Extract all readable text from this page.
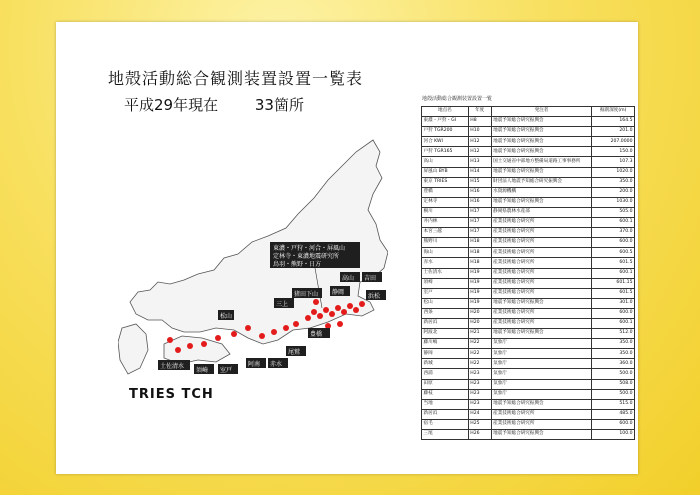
地殻活動総合観測装置設置一覧表
平成29年現在 33箇所
東濃・戸狩・河合・屏風山
定林寺・東濃地震研究所
鳥羽・熊野・日方
高山 吉田
静岡
浜松
猪田下山
三上
豊橋
松山
土佐清水
須崎 室戸
阿南 赤水
尾鷲
TRIES TCH
地殻活動総合観測装置設置一覧
地点名	年度	発注者	掘削深度(m)
東濃・戸狩・GI	H8	地震予知総合研究振興会	164.5
戸狩 TGR200	H10	地震予知総合研究振興会	201.0
河合 KWI	H12	地震予知総合研究振興会	207.0000
戸狩 TGR165	H12	地震予知総合研究振興会	150.0
高山	H13	国土交通省中部地方整備局道路工事事務所	107.3
屏風山 BYB	H14	地震予知総合研究振興会	1020.0
東京 TRIES	H15	財団法人地震予知総合研究振興会	350.0
豊橋	H16	水資源機構	200.0
定林寺	H16	地震予知総合研究振興会	1030.0
桐川	H17	静岡県農林水産部	505.0
井内林	H17	産業技術総合研究所	600.1
本宮三越	H17	産業技術総合研究所	370.0
熊野川	H18	産業技術総合研究所	600.0
海山	H18	産業技術総合研究所	600.5
赤水	H18	産業技術総合研究所	601.5
土佐清水	H19	産業技術総合研究所	600.1
須崎	H19	産業技術総合研究所	601.15
室戸	H19	産業技術総合研究所	601.5
松山	H19	地震予知総合研究振興会	301.0
西条	H20	産業技術総合研究所	600.0
新居浜	H20	産業技術総合研究所	600.1
阿波北	H21	地震予知総合研究振興会	512.0
藤川嶋	H22	気象庁	350.0
静岡	H22	気象庁	350.0
新城	H22	気象庁	360.0
西浦	H23	気象庁	500.0
田原	H23	気象庁	508.0
藤枝	H23	気象庁	500.0
当地	H23	地震予知総合研究振興会	515.0
新居浜	H24	産業技術総合研究所	485.0
宿毛	H25	産業技術総合研究所	600.0
三尾	H26	地震予知総合研究振興会	100.0
